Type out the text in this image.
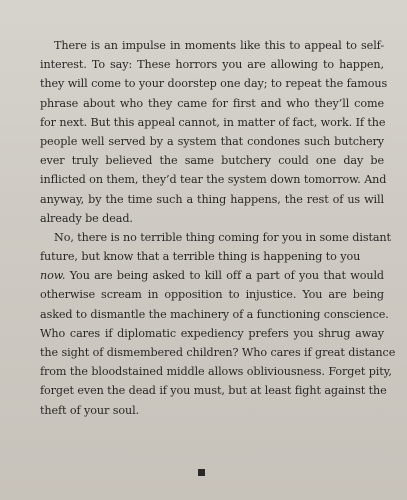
There is an impulse in moments like this to appeal to self-
interest. To say: These horrors you are allowing to happen,
they will come to your doorstep one day; to repeat the famous
phrase about who they came for first and who they’ll come
for next. But this appeal cannot, in matter of fact, work. If the
people well served by a system that condones such butchery
ever truly believed the same butchery could one day be
inflicted on them, they’d tear the system down tomorrow. And
anyway, by the time such a thing happens, the rest of us will
already be dead.
No, there is no terrible thing coming for you in some distant
future, but know that a terrible thing is happening to you
now. You are being asked to kill off a part of you that would
otherwise scream in opposition to injustice. You are being
asked to dismantle the machinery of a functioning conscience.
Who cares if diplomatic expediency prefers you shrug away
the sight of dismembered children? Who cares if great distance
from the bloodstained middle allows obliviousness. Forget pity,
forget even the dead if you must, but at least fight against the
theft of your soul.
